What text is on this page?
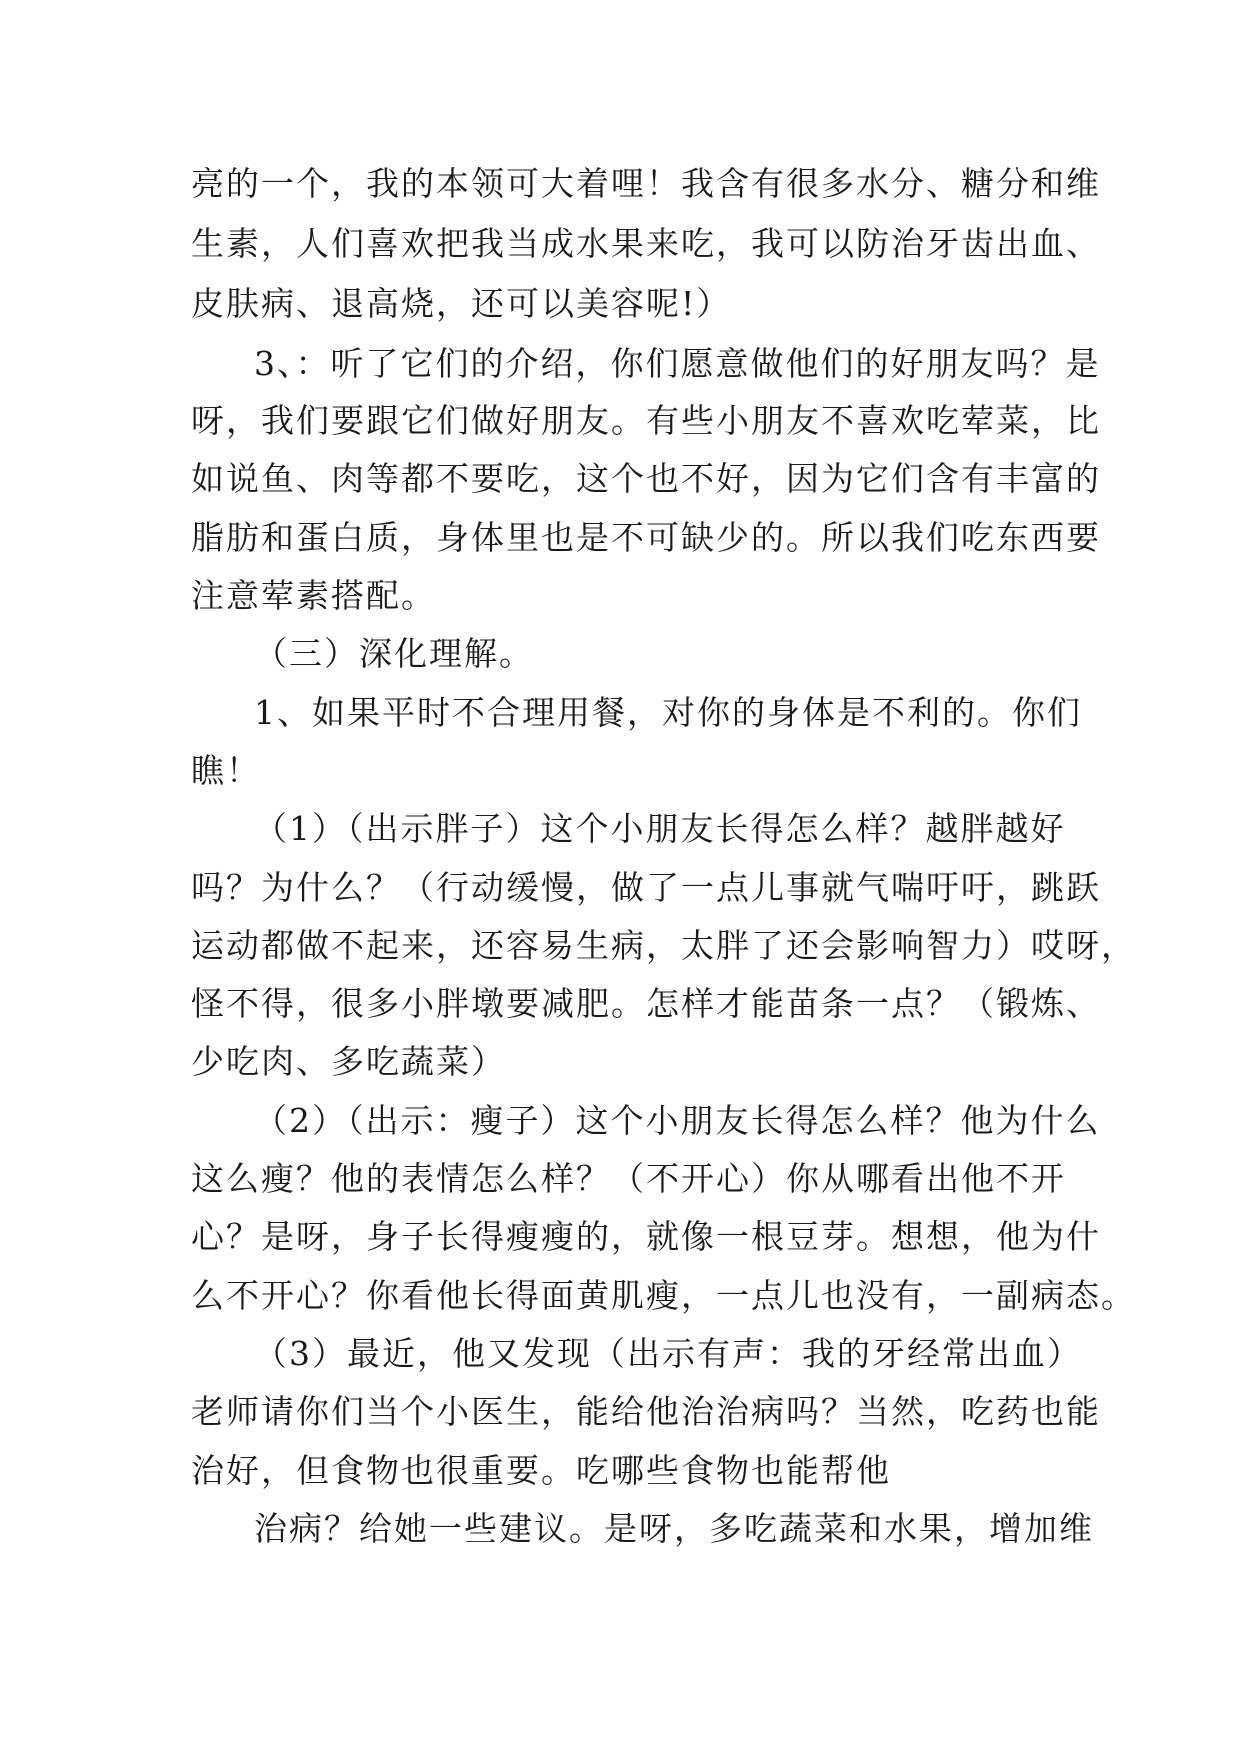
亮的一个，我的本领可大着哩！我含有很多水分、糖分和维
生素，人们喜欢把我当成水果来吃，我可以防治牙齿出血、
皮肤病、退高烧，还可以美容呢!）
3、：听了它们的介绍，你们愿意做他们的好朋友吗？是
呀，我们要跟它们做好朋友。有些小朋友不喜欢吃荤菜，比
如说鱼、肉等都不要吃，这个也不好，因为它们含有丰富的
脂肪和蛋白质，身体里也是不可缺少的。所以我们吃东西要
注意荤素搭配。
（三）深化理解。
1、如果平时不合理用餐，对你的身体是不利的。你们
瞧！
（1）（出示胖子）这个小朋友长得怎么样？越胖越好
吗？为什么？（行动缓慢，做了一点儿事就气喘吁吁，跳跃
运动都做不起来，还容易生病，太胖了还会影响智力）哎呀，
怪不得，很多小胖墩要减肥。怎样才能苗条一点？（锻炼、
少吃肉、多吃蔬菜）
（2）（出示：瘦子）这个小朋友长得怎么样？他为什么
这么瘦？他的表情怎么样？（不开心）你从哪看出他不开
心？是呀，身子长得瘦瘦的，就像一根豆芽。想想，他为什
么不开心？你看他长得面黄肌瘦，一点儿也没有，一副病态。
（3）最近，他又发现（出示有声：我的牙经常出血）
老师请你们当个小医生，能给他治治病吗？当然，吃药也能
治好，但食物也很重要。吃哪些食物也能帮他
治病？给她一些建议。是呀，多吃蔬菜和水果，增加维
